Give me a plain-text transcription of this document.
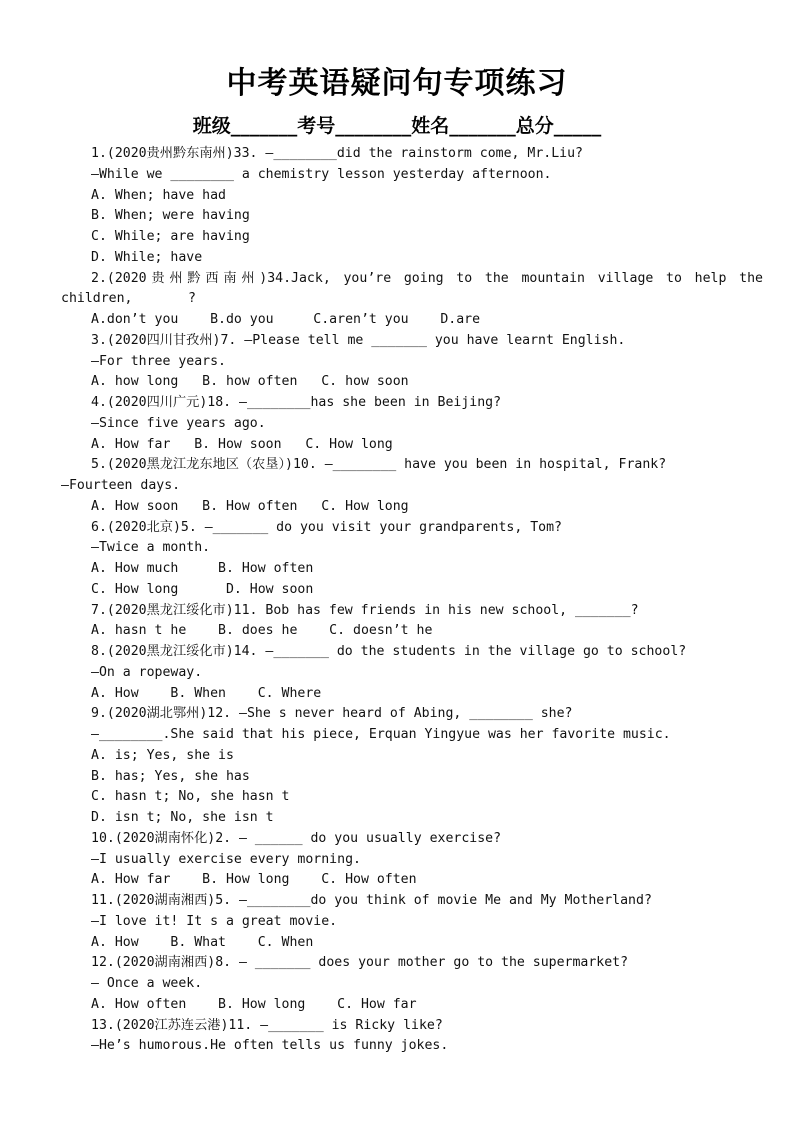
中考英语疑问句专项练习
班级_______考号________姓名_______总分_____
1.(2020贵州黔东南州)33. —________did the rainstorm come, Mr.Liu?
—While we ________ a chemistry lesson yesterday afternoon.
A. When; have had
B. When; were having
C. While; are having
D. While; have
2.(2020贵州黔西南州)34.Jack, you’re going to the mountain village to help the
children,       ?
A.don’t you    B.do you     C.aren’t you    D.are
3.(2020四川甘孜州)7. —Please tell me _______ you have learnt English.
—For three years.
A. how long   B. how often   C. how soon
4.(2020四川广元)18. —________has she been in Beijing?
—Since five years ago.
A. How far   B. How soon   C. How long
5.(2020黑龙江龙东地区（农垦）)10. —________ have you been in hospital, Frank?
—Fourteen days.
A. How soon   B. How often   C. How long
6.(2020北京)5. —_______ do you visit your grandparents, Tom?
—Twice a month.
A. How much     B. How often
C. How long      D. How soon
7.(2020黑龙江绥化市)11. Bob has few friends in his new school, _______?
A. hasn t he    B. does he    C. doesn’t he
8.(2020黑龙江绥化市)14. —_______ do the students in the village go to school?
—On a ropeway.
A. How    B. When    C. Where
9.(2020湖北鄂州)12. —She s never heard of Abing, ________ she?
—________.She said that his piece, Erquan Yingyue was her favorite music.
A. is; Yes, she is
B. has; Yes, she has
C. hasn t; No, she hasn t
D. isn t; No, she isn t
10.(2020湖南怀化)2. — ______ do you usually exercise?
—I usually exercise every morning.
A. How far    B. How long    C. How often
11.(2020湖南湘西)5. —________do you think of movie Me and My Motherland?
—I love it! It s a great movie.
A. How    B. What    C. When
12.(2020湖南湘西)8. — _______ does your mother go to the supermarket?
— Once a week.
A. How often    B. How long    C. How far
13.(2020江苏连云港)11. —_______ is Ricky like?
—He’s humorous.He often tells us funny jokes.
